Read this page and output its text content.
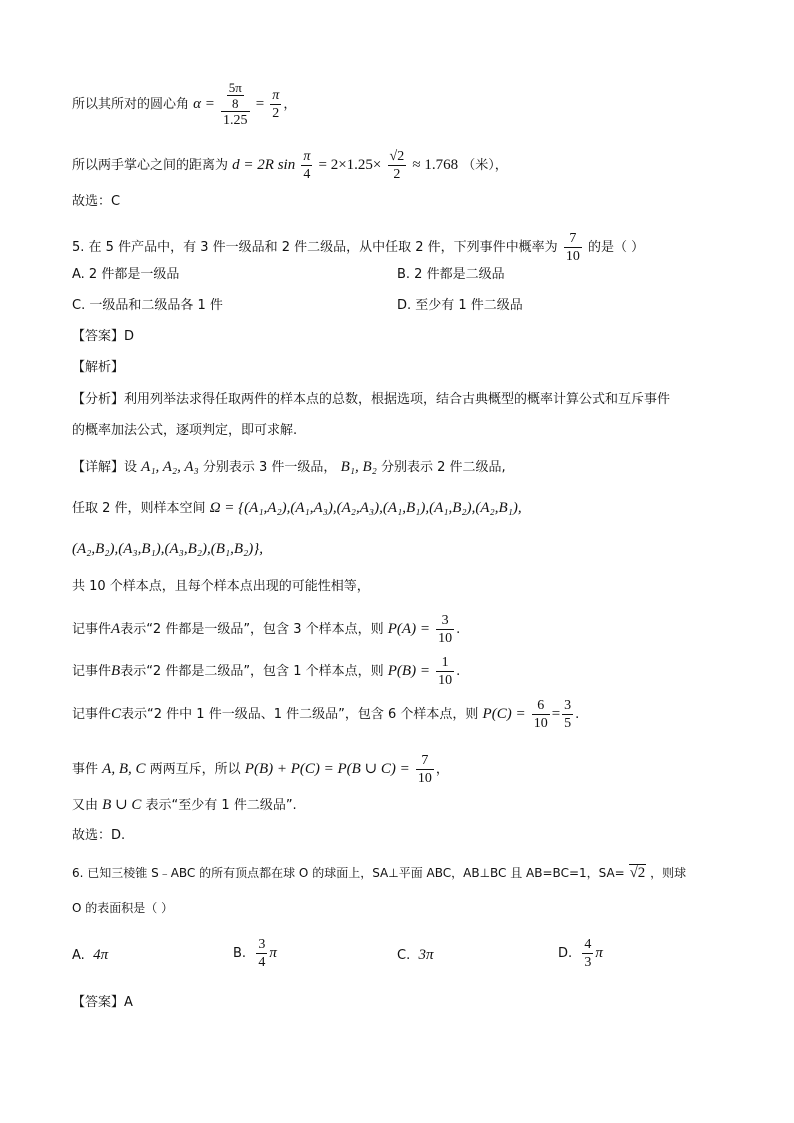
所以其所对的圆心角 $\alpha = \frac{\frac{5\pi}{8}}{1.25} = \frac{\pi}{2}$ ，
所以两手掌心之间的距离为 d = 2R $\sin \frac{\pi}{4} = 2\times 1.25\times \frac{√2}{2} \approx 1.768$ （米），
故选：C
5. 在 5 件产品中，有 3 件一级品和 2 件二级品，从中任取 2 件，下列事件中概率为 $\frac{7}{10}$ 的是（ ）
A. 2 件都是一级品	B. 2 件都是二级品
C. 一级品和二级品各 1 件	D. 至少有 1 件二级品
【答案】D
【解析】
【分析】利用列举法求得任取两件的样本点的总数，根据选项，结合古典概型的概率计算公式和互斥事件
的概率加法公式，逐项判定，即可求解.
【详解】设 A₁, A₂, A₃ 分别表示 3 件一级品， B₁, B₂ 分别表示 2 件二级品,
任取 2 件，则样本空间 Ω = {(A₁,A₂),(A₁,A₃),(A₂,A₃),(A₁,B₁),(A₁,B₂),(A₂,B₁),
(A₂,B₂),(A₃,B₁),(A₃,B₂),(B₁,B₂)},
共 10 个样本点，且每个样本点出现的可能性相等，
记事件A表示“2 件都是一级品”，包含 3 个样本点，则 $P(A) = \frac{3}{10}$ .
记事件B表示“2 件都是二级品”，包含 1 个样本点，则 $P(B) = \frac{1}{10}$ .
记事件C表示“2 件中 1 件一级品、1 件二级品”，包含 6 个样本点，则 $P(C) = \frac{6}{10} = \frac{3}{5}$ .
事件 A, B, C 两两互斥，所以 P(B) + P(C) = P(B ∪ $C) = \frac{7}{10}$ ，
又由 B ∪ C 表示“至少有 1 件二级品”.
故选：D.
6. 已知三棱锥 S﹣ABC 的所有顶点都在球 O 的球面上，SA⊥平面 ABC，AB⊥BC 且 AB=BC=1，SA= √2 ，则球
O 的表面积是（ ）
A. 4π	B. $\frac{3}{4}$ π	C. 3π	D. $\frac{4}{3}$ π
【答案】A
